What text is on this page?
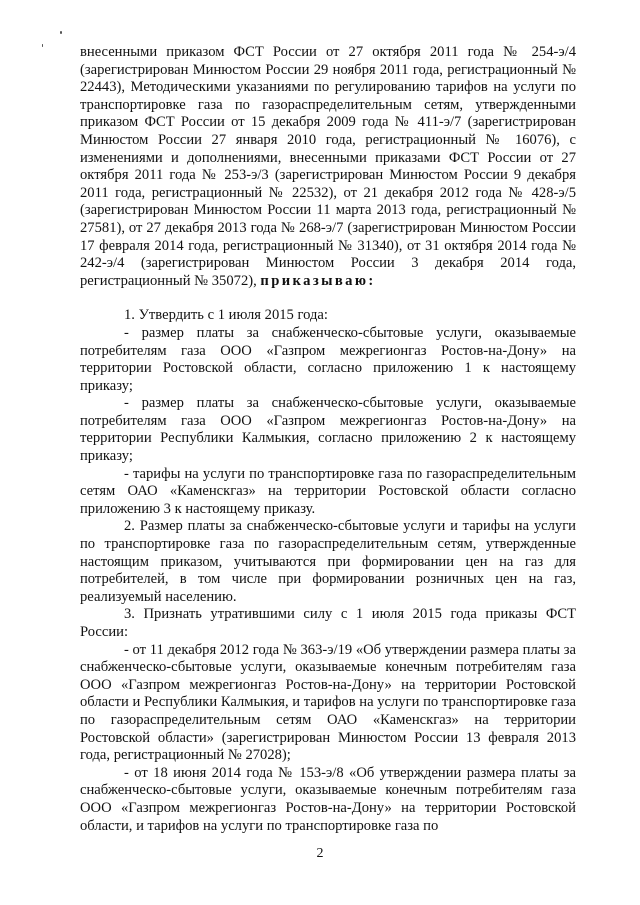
внесенными приказом ФСТ России от 27 октября 2011 года № 254-э/4 (зарегистрирован Минюстом России 29 ноября 2011 года, регистрационный № 22443), Методическими указаниями по регулированию тарифов на услуги по транспортировке газа по газораспределительным сетям, утвержденными приказом ФСТ России от 15 декабря 2009 года № 411-э/7 (зарегистрирован Минюстом России 27 января 2010 года, регистрационный № 16076), с изменениями и дополнениями, внесенными приказами ФСТ России от 27 октября 2011 года № 253-э/3 (зарегистрирован Минюстом России 9 декабря 2011 года, регистрационный № 22532), от 21 декабря 2012 года № 428-э/5 (зарегистрирован Минюстом России 11 марта 2013 года, регистрационный № 27581), от 27 декабря 2013 года № 268-э/7 (зарегистрирован Минюстом России 17 февраля 2014 года, регистрационный № 31340), от 31 октября 2014 года № 242-э/4 (зарегистрирован Минюстом России 3 декабря 2014 года, регистрационный № 35072), приказываю:

1. Утвердить с 1 июля 2015 года:

- размер платы за снабженческо-сбытовые услуги, оказываемые потребителям газа ООО «Газпром межрегионгаз Ростов-на-Дону» на территории Ростовской области, согласно приложению 1 к настоящему приказу;

- размер платы за снабженческо-сбытовые услуги, оказываемые потребителям газа ООО «Газпром межрегионгаз Ростов-на-Дону» на территории Республики Калмыкия, согласно приложению 2 к настоящему приказу;

- тарифы на услуги по транспортировке газа по газораспределительным сетям ОАО «Каменскгаз» на территории Ростовской области согласно приложению 3 к настоящему приказу.

2. Размер платы за снабженческо-сбытовые услуги и тарифы на услуги по транспортировке газа по газораспределительным сетям, утвержденные настоящим приказом, учитываются при формировании цен на газ для потребителей, в том числе при формировании розничных цен на газ, реализуемый населению.

3. Признать утратившими силу с 1 июля 2015 года приказы ФСТ России:

- от 11 декабря 2012 года № 363-э/19 «Об утверждении размера платы за снабженческо-сбытовые услуги, оказываемые конечным потребителям газа ООО «Газпром межрегионгаз Ростов-на-Дону» на территории Ростовской области и Республики Калмыкия, и тарифов на услуги по транспортировке газа по газораспределительным сетям ОАО «Каменскгаз» на территории Ростовской области» (зарегистрирован Минюстом России 13 февраля 2013 года, регистрационный № 27028);

- от 18 июня 2014 года № 153-э/8 «Об утверждении размера платы за снабженческо-сбытовые услуги, оказываемые конечным потребителям газа ООО «Газпром межрегионгаз Ростов-на-Дону» на территории Ростовской области, и тарифов на услуги по транспортировке газа по

2
